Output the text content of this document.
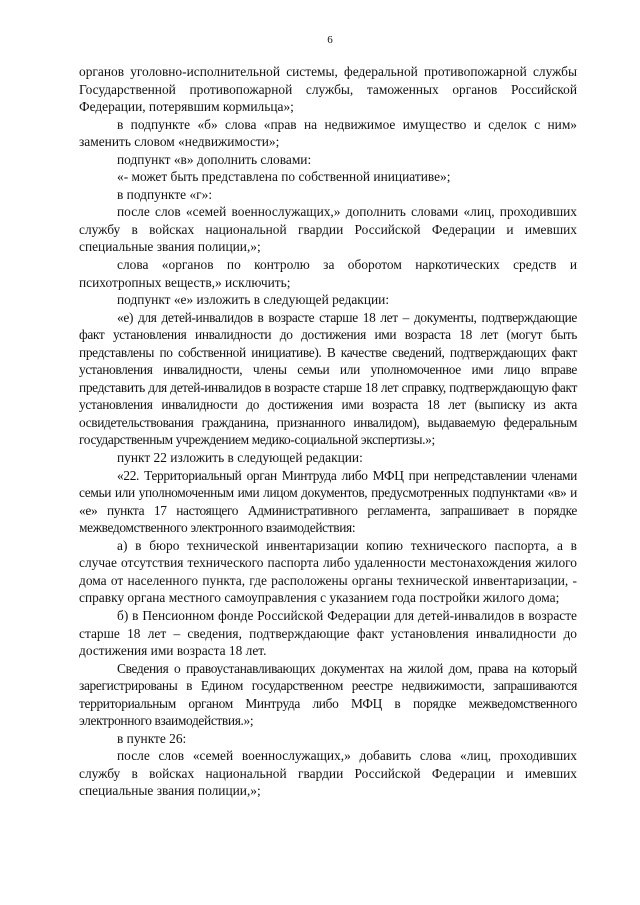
6

органов уголовно-исполнительной системы, федеральной противопожарной службы Государственной противопожарной службы, таможенных органов Российской Федерации, потерявшим кормильца»;

в подпункте «б» слова «прав на недвижимое имущество и сделок с ним» заменить словом «недвижимости»;

подпункт «в» дополнить словами:

«- может быть представлена по собственной инициативе»;

в подпункте «г»:

после слов «семей военнослужащих,» дополнить словами «лиц, проходивших службу в войсках национальной гвардии Российской Федерации и имевших специальные звания полиции,»;

слова «органов по контролю за оборотом наркотических средств и психотропных веществ,» исключить;

подпункт «е» изложить в следующей редакции:

«е) для детей-инвалидов в возрасте старше 18 лет – документы, подтверждающие факт установления инвалидности до достижения ими возраста 18 лет (могут быть представлены по собственной инициативе). В качестве сведений, подтверждающих факт установления инвалидности, члены семьи или уполномоченное ими лицо вправе представить для детей-инвалидов в возрасте старше 18 лет справку, подтверждающую факт установления инвалидности до достижения ими возраста 18 лет (выписку из акта освидетельствования гражданина, признанного инвалидом), выдаваемую федеральным государственным учреждением медико-социальной экспертизы.»;

пункт 22 изложить в следующей редакции:

«22. Территориальный орган Минтруда либо МФЦ при непредставлении членами семьи или уполномоченным ими лицом документов, предусмотренных подпунктами «в» и «е» пункта 17 настоящего Административного регламента, запрашивает в порядке межведомственного электронного взаимодействия:

а) в бюро технической инвентаризации копию технического паспорта, а в случае отсутствия технического паспорта либо удаленности местонахождения жилого дома от населенного пункта, где расположены органы технической инвентаризации, - справку органа местного самоуправления с указанием года постройки жилого дома;

б) в Пенсионном фонде Российской Федерации для детей-инвалидов в возрасте старше 18 лет – сведения, подтверждающие факт установления инвалидности до достижения ими возраста 18 лет.

Сведения о правоустанавливающих документах на жилой дом, права на который зарегистрированы в Едином государственном реестре недвижимости, запрашиваются территориальным органом Минтруда либо МФЦ в порядке межведомственного электронного взаимодействия.»;

в пункте 26:

после слов «семей военнослужащих,» добавить слова «лиц, проходивших службу в войсках национальной гвардии Российской Федерации и имевших специальные звания полиции,»;
